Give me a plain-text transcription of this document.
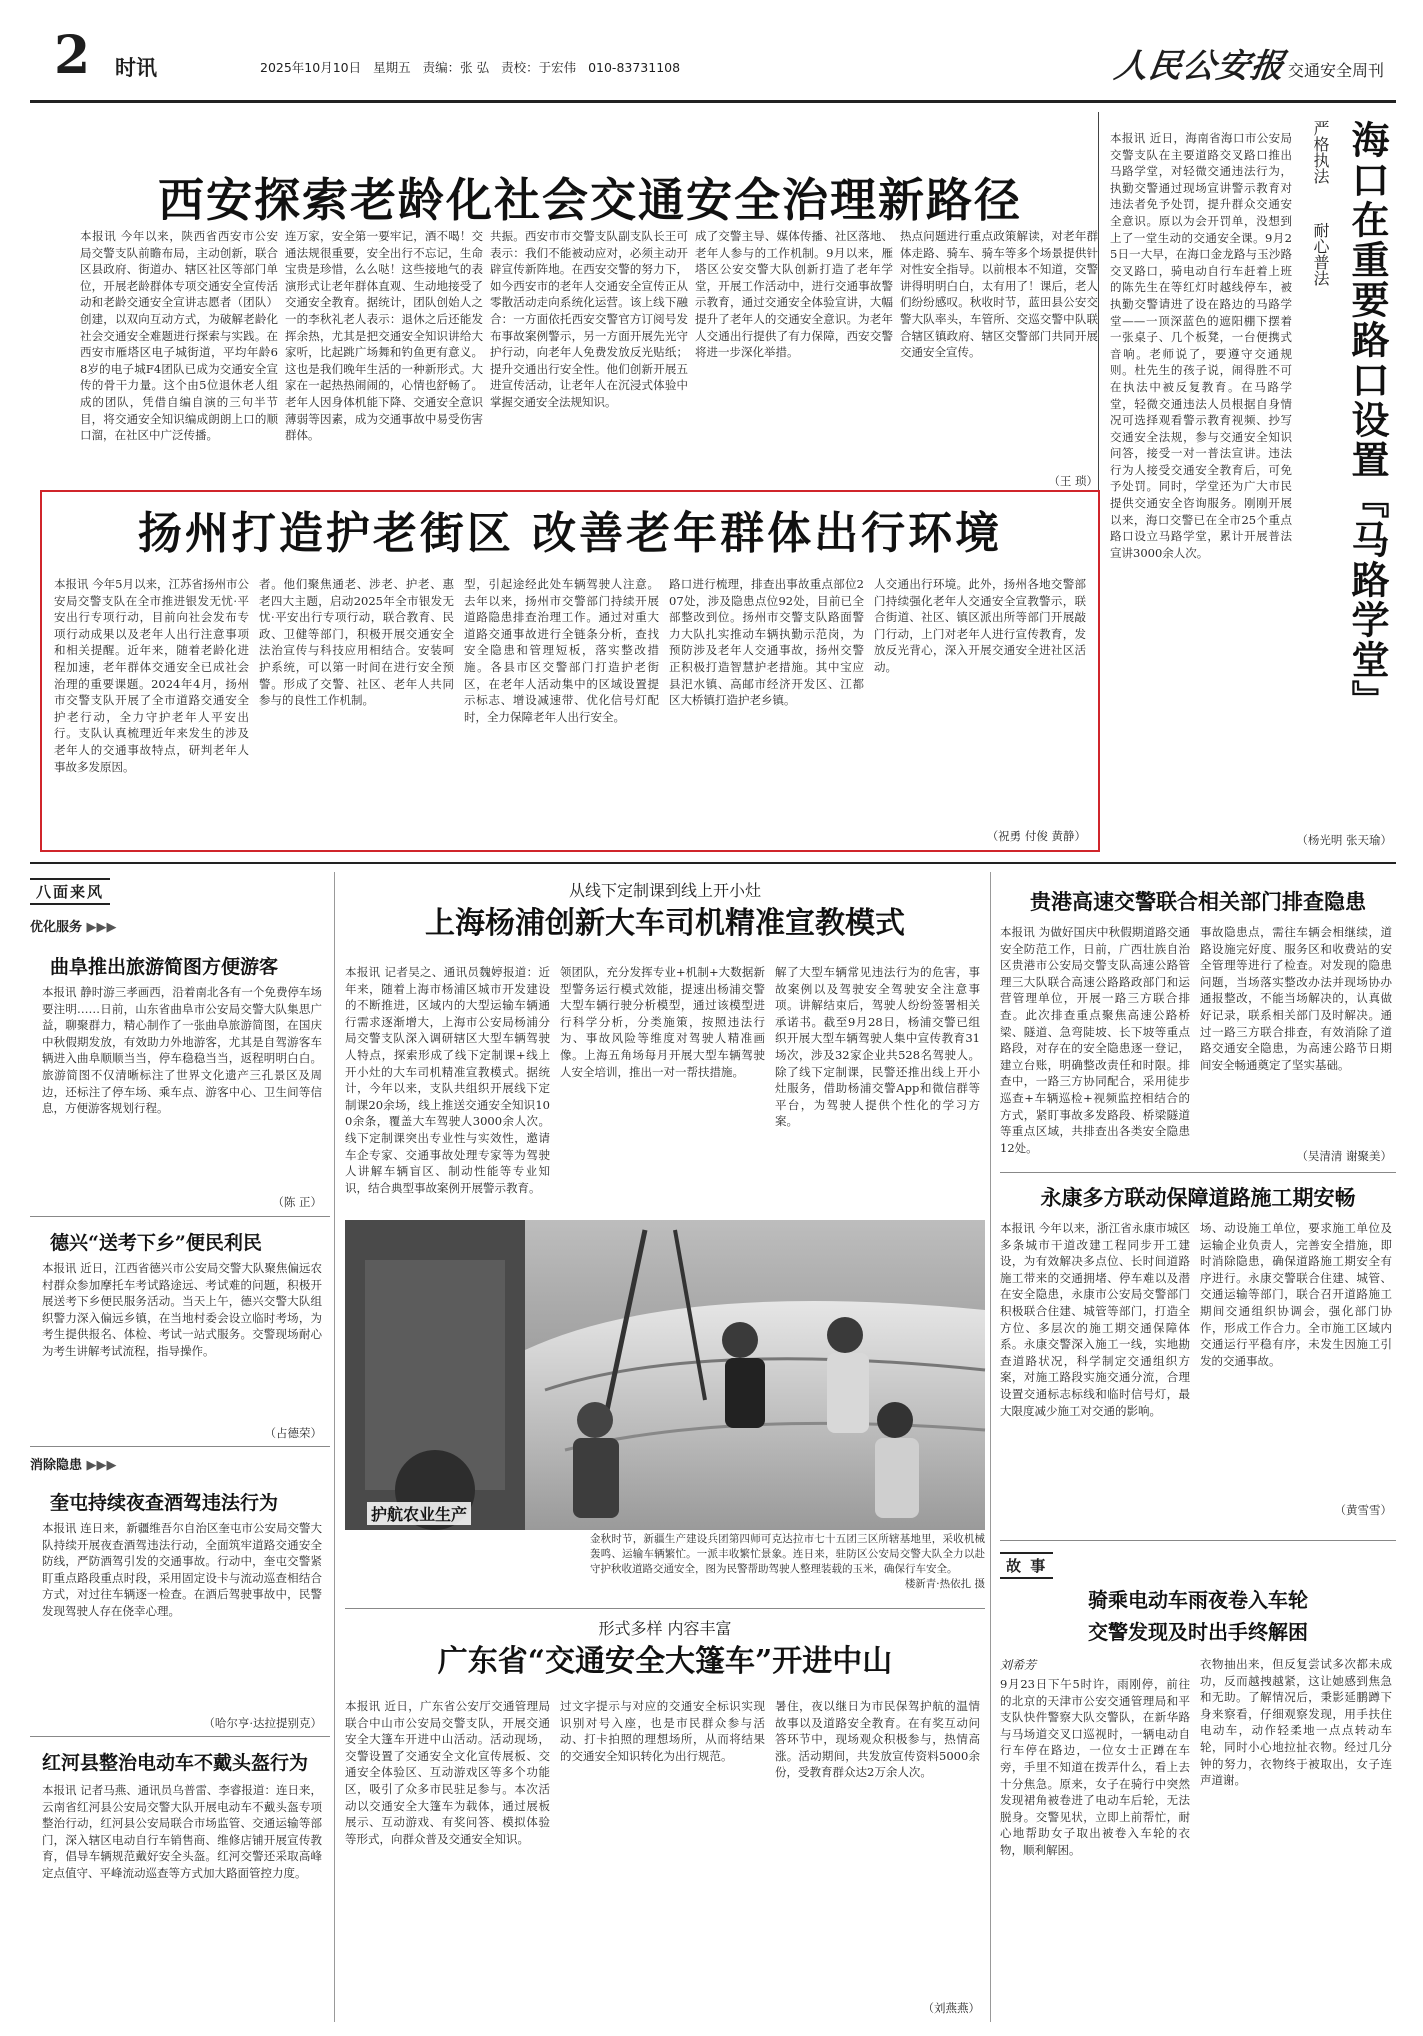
2 时讯	2025年10月10日 星期五 责编：张 弘 责校：于宏伟 010-83731108	人民公安报 交通安全周刊
西安探索老龄化社会交通安全治理新路径
本报讯 今年以来，陕西省西安市公安局交警支队前瞻布局，主动创新，联合区县政府、街道办、辖区社区等部门单位，开展老龄群体专项交通安全宣传活动和老龄交通安全宣讲志愿者（团队）创建，以双向互动方式，为破解老龄化社会交通安全难题进行探索与实践。在西安市雁塔区电子城街道，平均年龄68岁的电子城F4团队已成为交通安全宣传的骨干力量。这个由5位退休老人组成的团队，凭借自编自演的三句半节目，将交通安全知识编成朗朗上口的顺口溜，在社区中广泛传播。
连万家，安全第一要牢记，酒不喝！交通法规很重要，安全出行不忘记，生命宝贵是珍惜，么么哒！这些接地气的表演形式让老年群体直观、生动地接受了交通安全教育。据统计，团队创始人之一的李秋礼老人表示：退休之后还能发挥余热，尤其是把交通安全知识讲给大家听，比起跳广场舞和钓鱼更有意义。这也是我们晚年生活的一种新形式。大家在一起热热闹闹的，心情也舒畅了。老年人因身体机能下降、交通安全意识薄弱等因素，成为交通事故中易受伤害群体。
共振。西安市市交警支队副支队长王可表示：我们不能被动应对，必须主动开辟宣传新阵地。在西安交警的努力下，如今西安市的老年人交通安全宣传正从零散活动走向系统化运营。该上线下融合：一方面依托西安交警官方订阅号发布事故案例警示，另一方面开展先光守护行动，向老年人免费发放反光贴纸；提升交通出行安全性。他们创新开展五进宣传活动，让老年人在沉浸式体验中掌握交通安全法规知识。
成了交警主导、媒体传播、社区落地、老年人参与的工作机制。9月以来，雁塔区公安交警大队创新打造了老年学堂，开展工作活动中，进行交通事故警示教育，通过交通安全体验宣讲，大幅提升了老年人的交通安全意识。为老年人交通出行提供了有力保障，西安交警将进一步深化举措。
热点问题进行重点政策解读，对老年群体走路、骑车、骑车等多个场景提供针对性安全指导。以前根本不知道，交警讲得明明白白，太有用了！课后，老人们纷纷感叹。秋收时节，蓝田县公安交警大队率头，车管所、交巡交警中队联合辖区镇政府、辖区交警部门共同开展交通安全宣传。
（王 琐）
本报讯 近日，海南省海口市公安局交警支队在主要道路交叉路口推出马路学堂，对轻微交通违法行为，执勤交警通过现场宣讲警示教育对违法者免予处罚，提升群众交通安全意识。原以为会开罚单，没想到上了一堂生动的交通安全课。9月25日一大早，在海口金龙路与玉沙路交叉路口，骑电动自行车赶着上班的陈先生在等红灯时越线停车，被执勤交警请进了设在路边的马路学堂——一顶深蓝色的遮阳棚下摆着一张桌子、几个板凳，一台便携式音响。老师说了，要遵守交通规则。杜先生的孩子说，闹得胜不可在执法中被反复教育。在马路学堂，轻微交通违法人员根据自身情况可选择观看警示教育视频、抄写交通安全法规，参与交通安全知识问答，接受一对一普法宣讲。违法行为人接受交通安全教育后，可免予处罚。同时，学堂还为广大市民提供交通安全咨询服务。刚刚开展以来，海口交警已在全市25个重点路口设立马路学堂，累计开展普法宣讲3000余人次。
严格执法
耐心普法 海口在重要路口设置『马路学堂』
（杨光明 张天瑜）
扬州打造护老街区 改善老年群体出行环境
本报讯 今年5月以来，江苏省扬州市公安局交警支队在全市推进银发无忧·平安出行专项行动，目前向社会发布专项行动成果以及老年人出行注意事项和相关提醒。近年来，随着老龄化进程加速，老年群体交通安全已成社会治理的重要课题。2024年4月，扬州市交警支队开展了全市道路交通安全护老行动，全力守护老年人平安出行。支队认真梳理近年来发生的涉及老年人的交通事故特点，研判老年人事故多发原因。
者。他们聚焦通老、涉老、护老、惠老四大主题，启动2025年全市银发无忧·平安出行专项行动，联合教育、民政、卫健等部门，积极开展交通安全法治宣传与科技应用相结合。安装呵护系统，可以第一时间在进行安全预警。形成了交警、社区、老年人共同参与的良性工作机制。
型，引起途经此处车辆驾驶人注意。去年以来，扬州市交警部门持续开展道路隐患排查治理工作。通过对重大道路交通事故进行全链条分析，查找安全隐患和管理短板，落实整改措施。各县市区交警部门打造护老街区，在老年人活动集中的区域设置提示标志、增设减速带、优化信号灯配时，全力保障老年人出行安全。
路口进行梳理，排查出事故重点部位207处，涉及隐患点位92处，目前已全部整改到位。扬州市交警支队路面警力大队扎实推动车辆执勤示范岗，为预防涉及老年人交通事故，扬州交警正积极打造智慧护老措施。其中宝应县汜水镇、高邮市经济开发区、江都区大桥镇打造护老乡镇。
人交通出行环境。此外，扬州各地交警部门持续强化老年人交通安全宣教警示，联合街道、社区、镇区派出所等部门开展敲门行动，上门对老年人进行宣传教育，发放反光背心，深入开展交通安全进社区活动。
（祝勇 付俊 黄静）
八面来风
优化服务 ▶▶▶
曲阜推出旅游简图方便游客
本报讯 静时游三孝画西，沿着南北各有一个免费停车场要注明……日前，山东省曲阜市公安局交警大队集思广益，聊聚群力，精心制作了一张曲阜旅游简图，在国庆中秋假期发放，有效助力外地游客，尤其是自驾游客车辆进入曲阜顺顺当当，停车稳稳当当，返程明明白白。旅游简图不仅清晰标注了世界文化遗产三孔景区及周边，还标注了停车场、乘车点、游客中心、卫生间等信息，方便游客规划行程。
（陈 正）
德兴“送考下乡”便民利民
本报讯 近日，江西省德兴市公安局交警大队聚焦偏远农村群众参加摩托车考试路途远、考试难的问题，积极开展送考下乡便民服务活动。当天上午，德兴交警大队组织警力深入偏远乡镇，在当地村委会设立临时考场，为考生提供报名、体检、考试一站式服务。交警现场耐心为考生讲解考试流程，指导操作。
（占德荣）
消除隐患 ▶▶▶
奎屯持续夜查酒驾违法行为
本报讯 连日来，新疆维吾尔自治区奎屯市公安局交警大队持续开展夜查酒驾违法行动，全面筑牢道路交通安全防线，严防酒驾引发的交通事故。行动中，奎屯交警紧盯重点路段重点时段，采用固定设卡与流动巡查相结合方式，对过往车辆逐一检查。在酒后驾驶事故中，民警发现驾驶人存在侥幸心理。
（哈尔亨·达拉提别克）
红河县整治电动车不戴头盔行为
本报讯 记者马燕、通讯员乌普雷、李睿报道：连日来，云南省红河县公安局交警大队开展电动车不戴头盔专项整治行动，红河县公安局联合市场监管、交通运输等部门，深入辖区电动自行车销售商、维修店铺开展宣传教育，倡导车辆规范戴好安全头盔。红河交警还采取高峰定点值守、平峰流动巡查等方式加大路面管控力度。
从线下定制课到线上开小灶
上海杨浦创新大车司机精准宣教模式
本报讯 记者吴之、通讯员魏婷报道：近年来，随着上海市杨浦区城市开发建设的不断推进，区域内的大型运输车辆通行需求逐渐增大，上海市公安局杨浦分局交警支队深入调研辖区大型车辆驾驶人特点，探索形成了线下定制课+线上开小灶的大车司机精准宣教模式。据统计，今年以来，支队共组织开展线下定制课20余场，线上推送交通安全知识100余条，覆盖大车驾驶人3000余人次。线下定制课突出专业性与实效性，邀请车企专家、交通事故处理专家等为驾驶人讲解车辆盲区、制动性能等专业知识，结合典型事故案例开展警示教育。
领团队，充分发挥专业+机制+大数据新型警务运行模式效能，提速出杨浦交警大型车辆行驶分析模型，通过该模型进行科学分析，分类施策，按照违法行为、事故风险等维度对驾驶人精准画像。上海五角场每月开展大型车辆驾驶人安全培训，推出一对一帮扶措施。
解了大型车辆常见违法行为的危害，事故案例以及驾驶安全驾驶安全注意事项。讲解结束后，驾驶人纷纷签署相关承诺书。截至9月28日，杨浦交警已组织开展大型车辆驾驶人集中宣传教育31场次，涉及32家企业共528名驾驶人。除了线下定制课，民警还推出线上开小灶服务，借助杨浦交警App和微信群等平台，为驾驶人提供个性化的学习方案。
贵港高速交警联合相关部门排查隐患
本报讯 为做好国庆中秋假期道路交通安全防范工作，日前，广西壮族自治区贵港市公安局交警支队高速公路管理三大队联合高速公路路政部门和运营管理单位，开展一路三方联合排查。此次排查重点聚焦高速公路桥梁、隧道、急弯陡坡、长下坡等重点路段，对存在的安全隐患逐一登记，建立台账，明确整改责任和时限。排查中，一路三方协同配合，采用徒步巡查+车辆巡检+视频监控相结合的方式，紧盯事故多发路段、桥梁隧道等重点区域，共排查出各类安全隐患12处。
事故隐患点，需往车辆会相继续，道路设施完好度、服务区和收费站的安全管理等进行了检查。对发现的隐患问题，当场落实整改办法并现场协办通报整改，不能当场解决的，认真做好记录，联系相关部门及时解决。通过一路三方联合排查，有效消除了道路交通安全隐患，为高速公路节日期间安全畅通奠定了坚实基础。
（吴清清 谢聚美）
永康多方联动保障道路施工期安畅
本报讯 今年以来，浙江省永康市城区多条城市干道改建工程同步开工建设，为有效解决多点位、长时间道路施工带来的交通拥堵、停车难以及潜在安全隐患，永康市公安局交警部门积极联合住建、城管等部门，打造全方位、多层次的施工期交通保障体系。永康交警深入施工一线，实地勘查道路状况，科学制定交通组织方案，对施工路段实施交通分流，合理设置交通标志标线和临时信号灯，最大限度减少施工对交通的影响。
场、动设施工单位，要求施工单位及运输企业负责人，完善安全措施，即时消除隐患，确保道路施工期安全有序进行。永康交警联合住建、城管、交通运输等部门，联合召开道路施工期间交通组织协调会，强化部门协作，形成工作合力。全市施工区域内交通运行平稳有序，未发生因施工引发的交通事故。
（黄雪雪）
护航农业生产
金秋时节，新疆生产建设兵团第四师可克达拉市七十五团三区所辖基地里，采收机械轰鸣、运输车辆繁忙。一派丰收繁忙景象。连日来，驻防区公安局交警大队全力以赴守护秋收道路交通安全，图为民警帮助驾驶人整理装载的玉米，确保行车安全。
楼新青·热依扎 摄
形式多样 内容丰富
广东省“交通安全大篷车”开进中山
本报讯 近日，广东省公安厅交通管理局联合中山市公安局交警支队，开展交通安全大篷车开进中山活动。活动现场，交警设置了交通安全文化宣传展板、交通安全体验区、互动游戏区等多个功能区，吸引了众多市民驻足参与。本次活动以交通安全大篷车为载体，通过展板展示、互动游戏、有奖问答、模拟体验等形式，向群众普及交通安全知识。
过文字提示与对应的交通安全标识实现识别对号入座，也是市民群众参与活动、打卡拍照的理想场所，从而将结果的交通安全知识转化为出行规范。
暑住，夜以继日为市民保驾护航的温情故事以及道路安全教育。在有奖互动问答环节中，现场观众积极参与，热情高涨。活动期间，共发放宣传资料5000余份，受教育群众达2万余人次。
（刘燕燕）
故 事
骑乘电动车雨夜卷入车轮
交警发现及时出手终解困
刘希芳
9月23日下午5时许，雨刚停，前往的北京的天津市公安交通管理局和平支队快件警察大队交警队，在新华路与马场道交叉口巡视时，一辆电动自行车停在路边，一位女士正蹲在车旁，手里不知道在拨弄什么，看上去十分焦急。原来，女子在骑行中突然发现裙角被卷进了电动车后轮，无法脱身。交警见状，立即上前帮忙，耐心地帮助女子取出被卷入车轮的衣物，顺利解困。
衣物抽出来，但反复尝试多次都未成功，反而越拽越紧，这让她感到焦急和无助。了解情况后，秉影延鹏蹲下身来察看，仔细观察发现，用手扶住电动车，动作轻柔地一点点转动车轮，同时小心地拉扯衣物。经过几分钟的努力，衣物终于被取出，女子连声道谢。
